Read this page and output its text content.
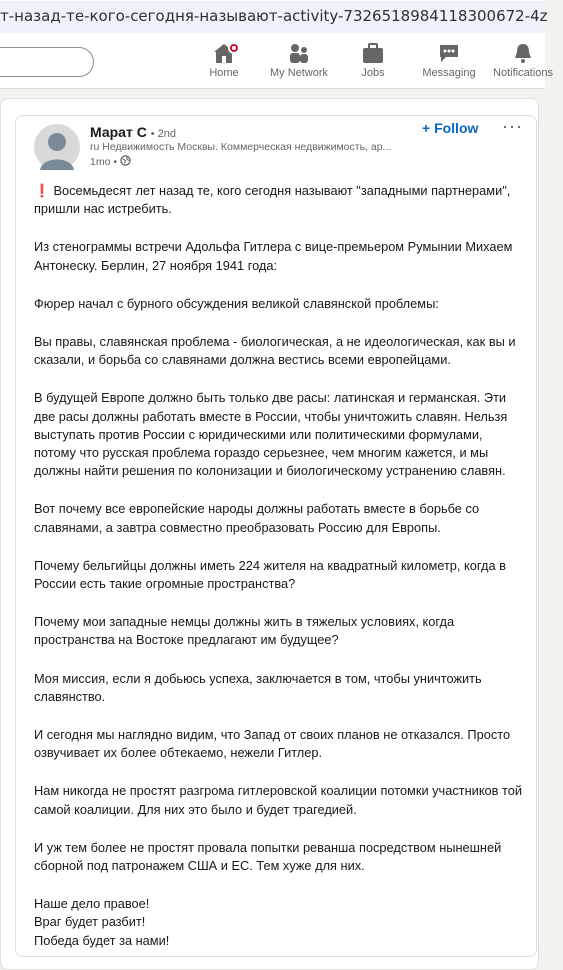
т-назад-те-кого-сегодня-называют-activity-7326518984118300672-4z
Home	My Network	Jobs	Messaging	Notifications
Марат С • 2nd
ru Недвижимость Москвы. Коммерческая недвижимость, ар...
1mo •
+ Follow ···

❗ Восемьдесят лет назад те, кого сегодня называют "западными партнерами", пришли нас истребить.

Из стенограммы встречи Адольфа Гитлера с вице-премьером Румынии Михаем Антонеску. Берлин, 27 ноября 1941 года:

Фюрер начал с бурного обсуждения великой славянской проблемы:

Вы правы, славянская проблема - биологическая, а не идеологическая, как вы и сказали, и борьба со славянами должна вестись всеми европейцами.

В будущей Европе должно быть только две расы: латинская и германская. Эти две расы должны работать вместе в России, чтобы уничтожить славян. Нельзя выступать против России с юридическими или политическими формулами, потому что русская проблема гораздо серьезнее, чем многим кажется, и мы должны найти решения по колонизации и биологическому устранению славян.

Вот почему все европейские народы должны работать вместе в борьбе со славянами, а завтра совместно преобразовать Россию для Европы.

Почему бельгийцы должны иметь 224 жителя на квадратный километр, когда в России есть такие огромные пространства?

Почему мои западные немцы должны жить в тяжелых условиях, когда пространства на Востоке предлагают им будущее?

Моя миссия, если я добьюсь успеха, заключается в том, чтобы уничтожить славянство.

И сегодня мы наглядно видим, что Запад от своих планов не отказался. Просто озвучивает их более обтекаемо, нежели Гитлер.

Нам никогда не простят разгрома гитлеровской коалиции потомки участников той самой коалиции. Для них это было и будет трагедией.

И уж тем более не простят провала попытки реванша посредством нынешней сборной под патронажем США и ЕС. Тем хуже для них.

Наше дело правое!

Враг будет разбит!

Победа будет за нами!
